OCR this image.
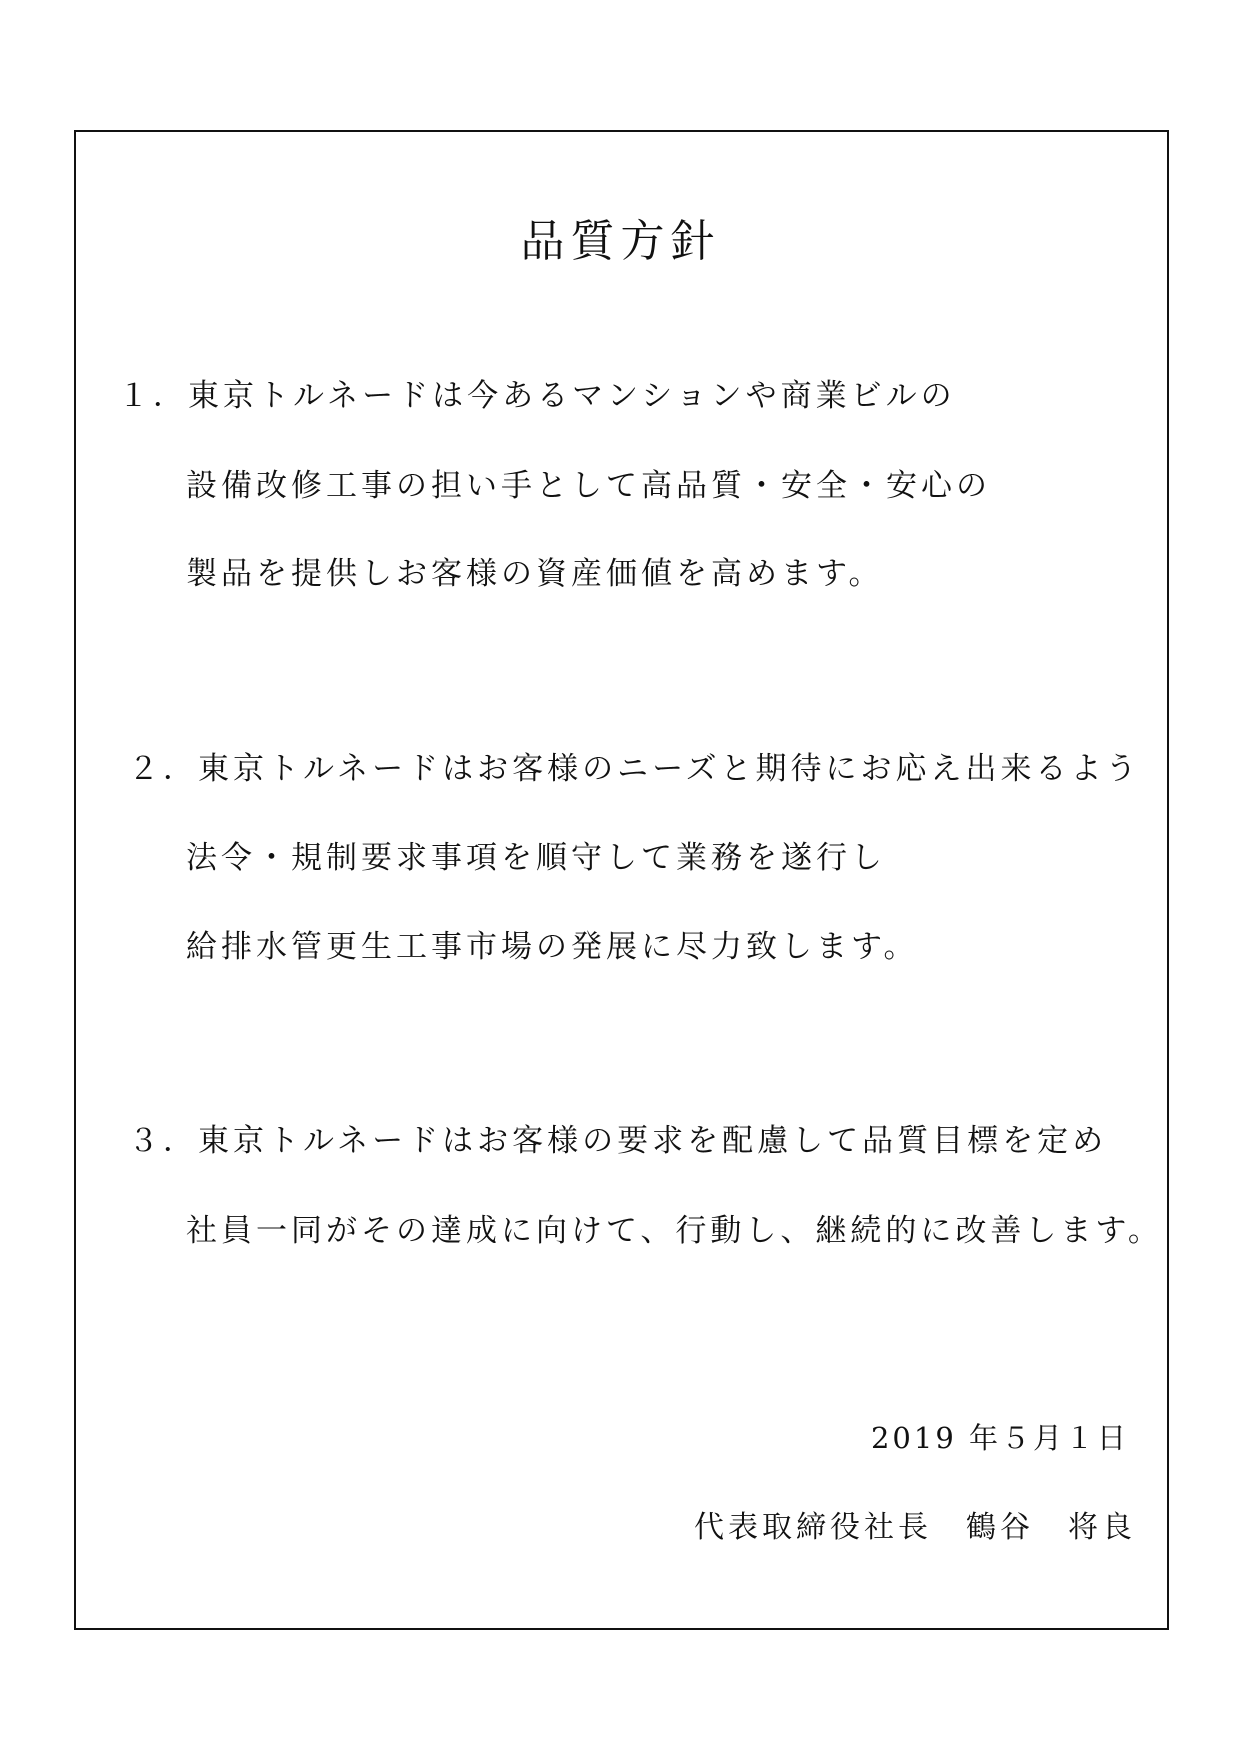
品質方針
１．東京トルネードは今あるマンションや商業ビルの
設備改修工事の担い手として高品質・安全・安心の
製品を提供しお客様の資産価値を高めます。
２．東京トルネードはお客様のニーズと期待にお応え出来るよう
法令・規制要求事項を順守して業務を遂行し
給排水管更生工事市場の発展に尽力致します。
３．東京トルネードはお客様の要求を配慮して品質目標を定め
社員一同がその達成に向けて、行動し、継続的に改善します。
2019 年５月１日
代表取締役社長　鶴谷　将良
